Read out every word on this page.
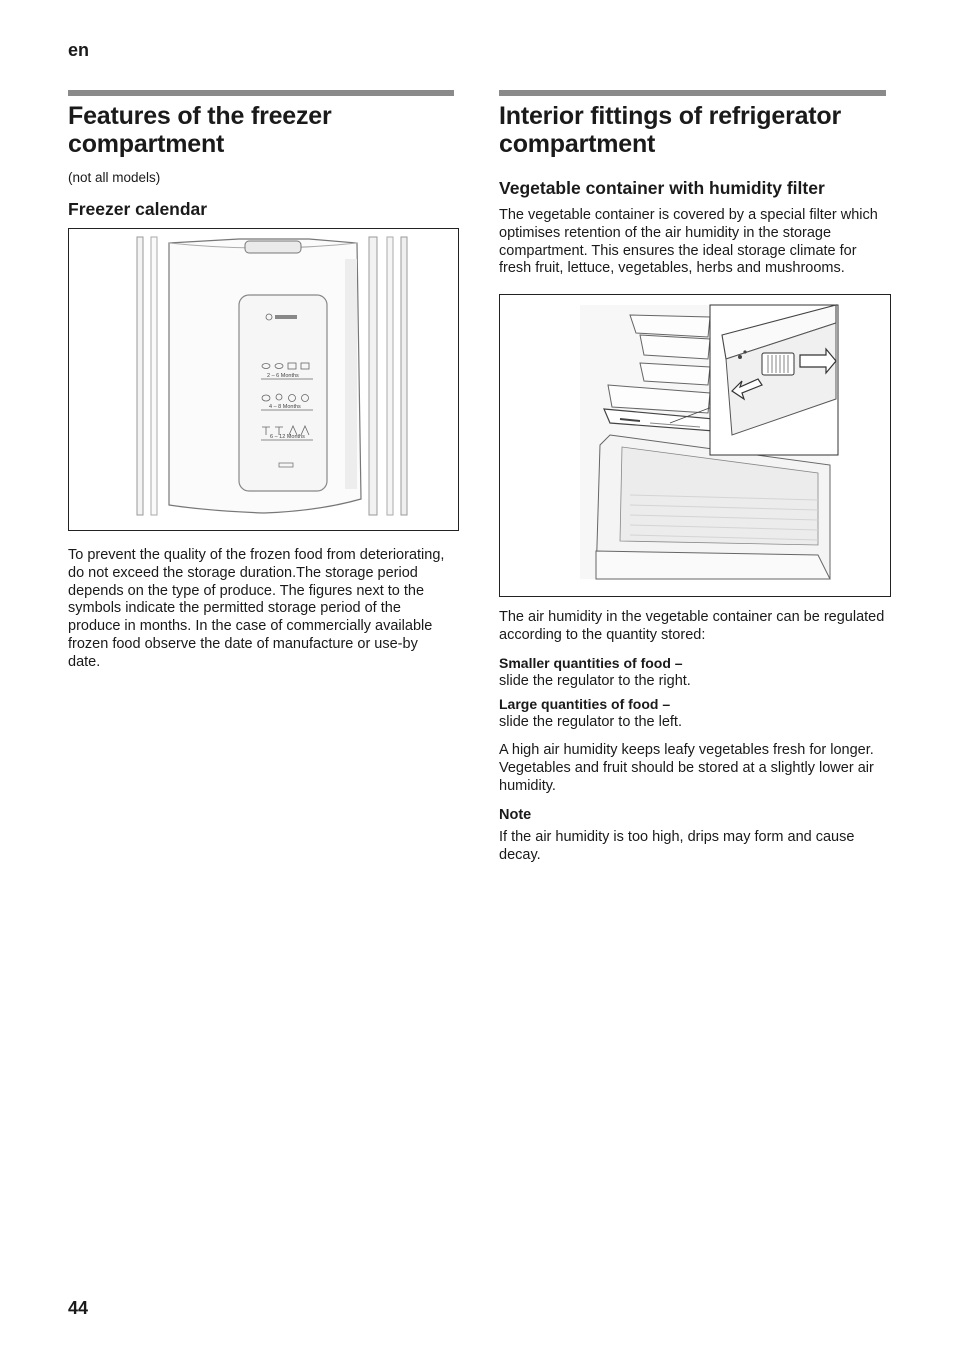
en
Features of the freezer compartment
(not all models)
Freezer calendar
2 – 6 Months
4 – 8 Months
6 – 12 Months

To prevent the quality of the frozen food from deteriorating, do not exceed the storage duration.The storage period depends on the type of produce. The figures next to the symbols indicate the permitted storage period of the produce in months. In the case of commercially available frozen food observe the date of manufacture or use-by date.

Interior fittings of refrigerator compartment
Vegetable container with humidity filter

The vegetable container is covered by a special filter which optimises retention of the air humidity in the storage compartment. This ensures the ideal storage climate for fresh fruit, lettuce, vegetables, herbs and mushrooms.

The air humidity in the vegetable container can be regulated according to the quantity stored:

Smaller quantities of food –
slide the regulator to the right.
Large quantities of food –
slide the regulator to the left.

A high air humidity keeps leafy vegetables fresh for longer. Vegetables and fruit should be stored at a slightly lower air humidity.

Note

If the air humidity is too high, drips may form and cause decay.

44
